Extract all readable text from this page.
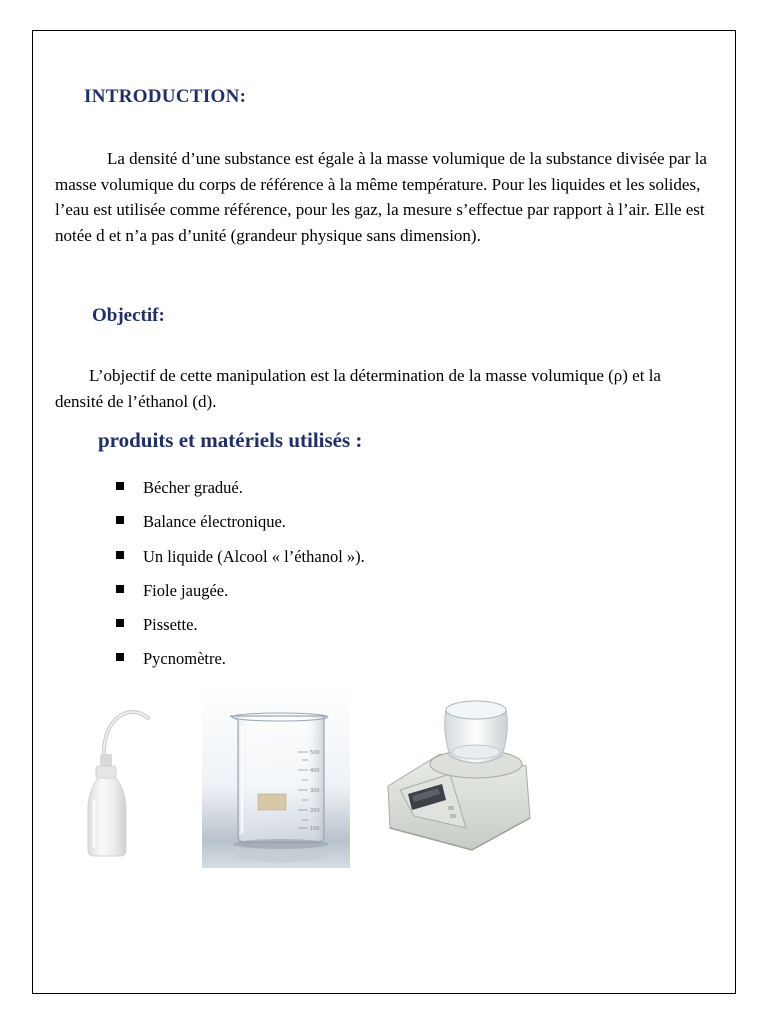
INTRODUCTION:

La densité d’une substance est égale à la masse volumique de la substance divisée par la masse volumique du corps de référence à la même température. Pour les liquides et les solides, l’eau est utilisée comme référence, pour les gaz, la mesure s’effectue par rapport à l’air. Elle est notée d et n’a pas d’unité (grandeur physique sans dimension).

Objectif:

L’objectif de cette manipulation est la détermination de la masse volumique (ρ) et la densité de l’éthanol (d).

produits et matériels utilisés :
Bécher gradué.
Balance électronique.
Un liquide (Alcool « l’éthanol »).
Fiole jaugée.
Pissette.
Pycnomètre.
500
400
300
200
100
